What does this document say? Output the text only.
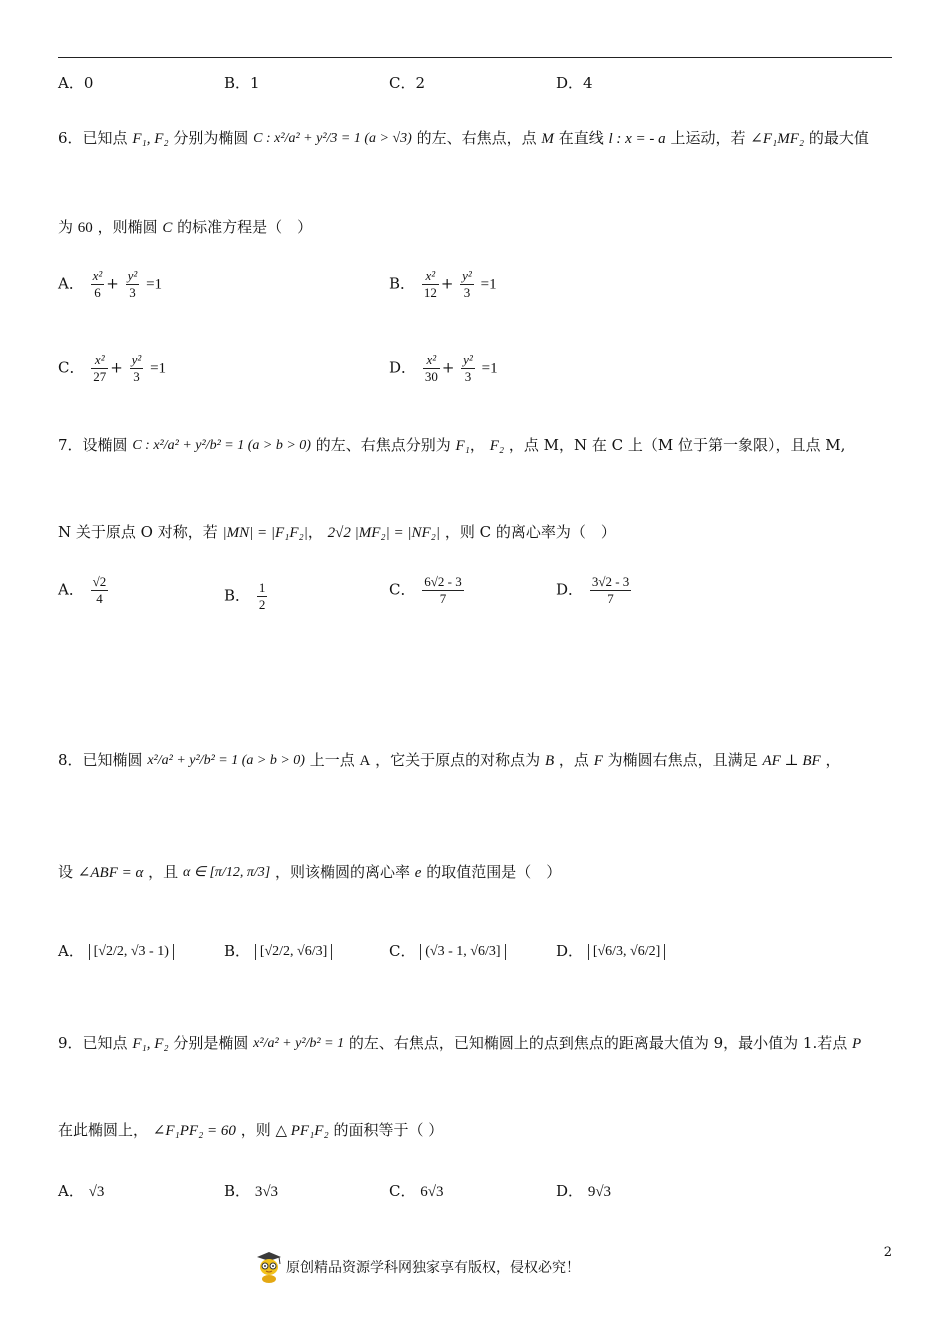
A．0	B．1	C．2	D．4
6．已知点 F₁, F₂ 分别为椭圆 C : x²/a² + y²/3 = 1 (a > √3) 的左、右焦点，点 M 在直线 l : x = - a 上运动，若 ∠F₁MF₂ 的最大值
为 60 ，则椭圆 C 的标准方程是（　）
A． $\frac{\text{x²}}{6} + \frac{\text{y²}}{3} =1$	B． $\frac{\text{x²}}{12} + \frac{\text{y²}}{3} =1$
C． $\frac{\text{x²}}{27} + \frac{\text{y²}}{3} =1$	D． $\frac{\text{x²}}{30} + \frac{\text{y²}}{3} =1$
7．设椭圆 C : x²/a² + y²/b² = 1 (a > b > 0) 的左、右焦点分别为 F₁， F₂ ，点 M，N 在 C 上（M 位于第一象限），且点 M,
N 关于原点 O 对称，若 |MN| = |F₁F₂|， 2√2 |MF₂| = |NF₂| ，则 C 的离心率为（　）
A． $\frac{√2}{4}$	B． $\frac{1}{2}$	C． $\frac{6√2 - 3}{7}$	D． $\frac{3√2 - 3}{7}$
8．已知椭圆 x²/a² + y²/b² = 1 (a > b > 0) 上一点 A ，它关于原点的对称点为 B ，点 F 为椭圆右焦点，且满足 AF ⊥ BF ，
设 ∠ABF = α ，且 α ∈ [π/12, π/3] ，则该椭圆的离心率 e 的取值范围是（　）
A． [√2/2, √3 - 1)	B． [√2/2, √6/3]	C． (√3 - 1, √6/3]	D． [√6/3, √6/2]
9．已知点 F₁, F₂ 分别是椭圆 x²/a² + y²/b² = 1 的左、右焦点，已知椭圆上的点到焦点的距离最大值为 9，最小值为 1.若点 P
在此椭圆上， ∠F₁PF₂ = 60 ，则 △ PF₁F₂ 的面积等于（ ）
A． √3	B． 3√3	C． 6√3	D． 9√3
2
原创精品资源学科网独家享有版权，侵权必究！
